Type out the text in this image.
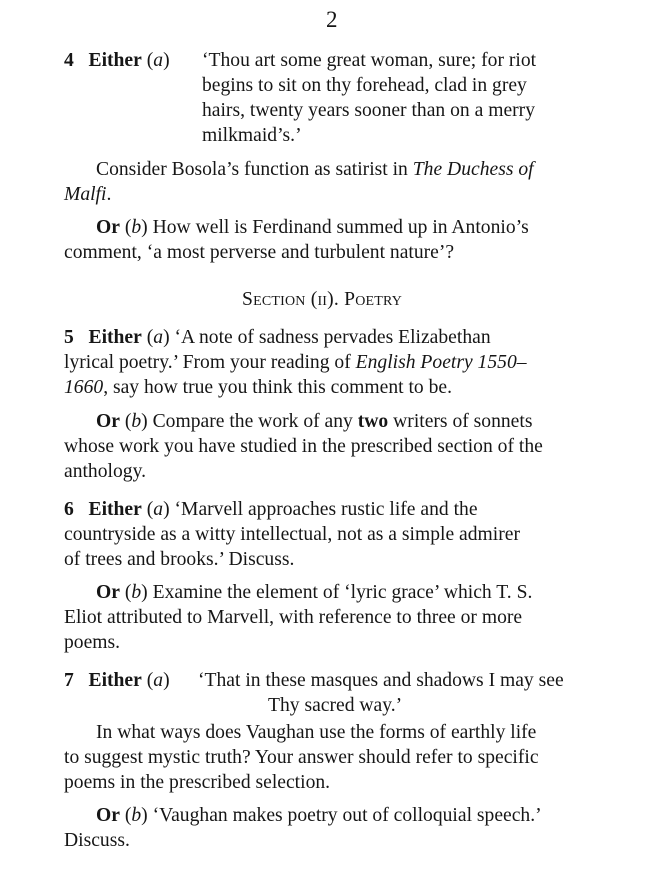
2
4 Either (a) ‘Thou art some great woman, sure; for riot
begins to sit on thy forehead, clad in grey
hairs, twenty years sooner than on a merry
milkmaid’s.’
Consider Bosola’s function as satirist in The Duchess of
Malfi.
Or (b) How well is Ferdinand summed up in Antonio’s
comment, ‘a most perverse and turbulent nature’?
Section (ii). Poetry
5 Either (a) ‘A note of sadness pervades Elizabethan
lyrical poetry.’ From your reading of English Poetry 1550–
1660, say how true you think this comment to be.
Or (b) Compare the work of any two writers of sonnets
whose work you have studied in the prescribed section of the
anthology.
6 Either (a) ‘Marvell approaches rustic life and the
countryside as a witty intellectual, not as a simple admirer
of trees and brooks.’ Discuss.
Or (b) Examine the element of ‘lyric grace’ which T. S.
Eliot attributed to Marvell, with reference to three or more
poems.
7 Either (a) ‘That in these masques and shadows I may see
Thy sacred way.’
In what ways does Vaughan use the forms of earthly life
to suggest mystic truth? Your answer should refer to specific
poems in the prescribed selection.
Or (b) ‘Vaughan makes poetry out of colloquial speech.’
Discuss.
